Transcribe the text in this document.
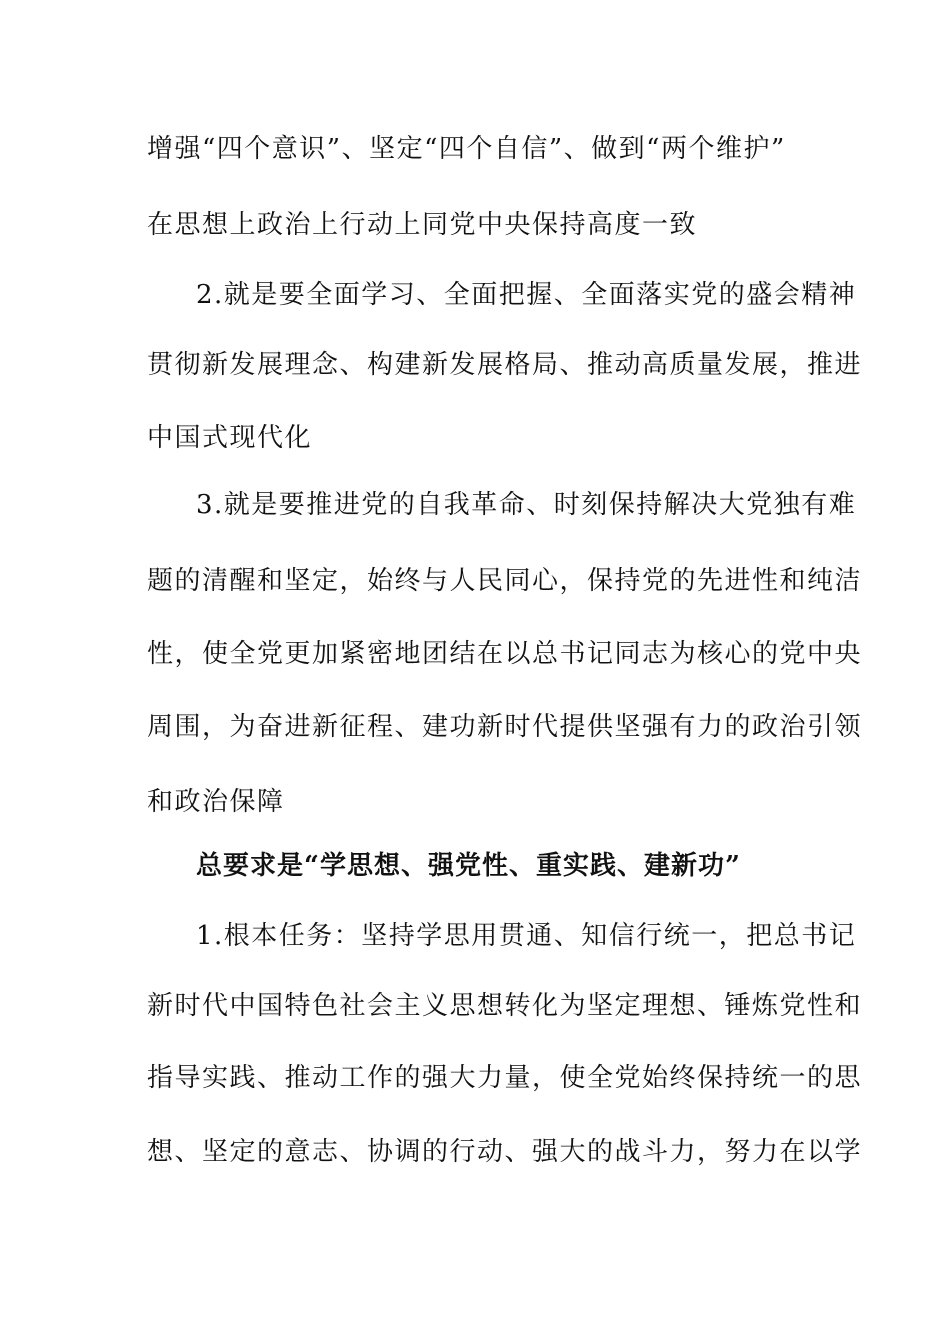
增强“四个意识”、坚定“四个自信”、做到“两个维护”
在思想上政治上行动上同党中央保持高度一致
2.就是要全面学习、全面把握、全面落实党的盛会精神
贯彻新发展理念、构建新发展格局、推动高质量发展，推进
中国式现代化
3.就是要推进党的自我革命、时刻保持解决大党独有难
题的清醒和坚定，始终与人民同心，保持党的先进性和纯洁
性，使全党更加紧密地团结在以总书记同志为核心的党中央
周围，为奋进新征程、建功新时代提供坚强有力的政治引领
和政治保障
总要求是“学思想、强党性、重实践、建新功”
1.根本任务：坚持学思用贯通、知信行统一，把总书记
新时代中国特色社会主义思想转化为坚定理想、锤炼党性和
指导实践、推动工作的强大力量，使全党始终保持统一的思
想、坚定的意志、协调的行动、强大的战斗力，努力在以学
